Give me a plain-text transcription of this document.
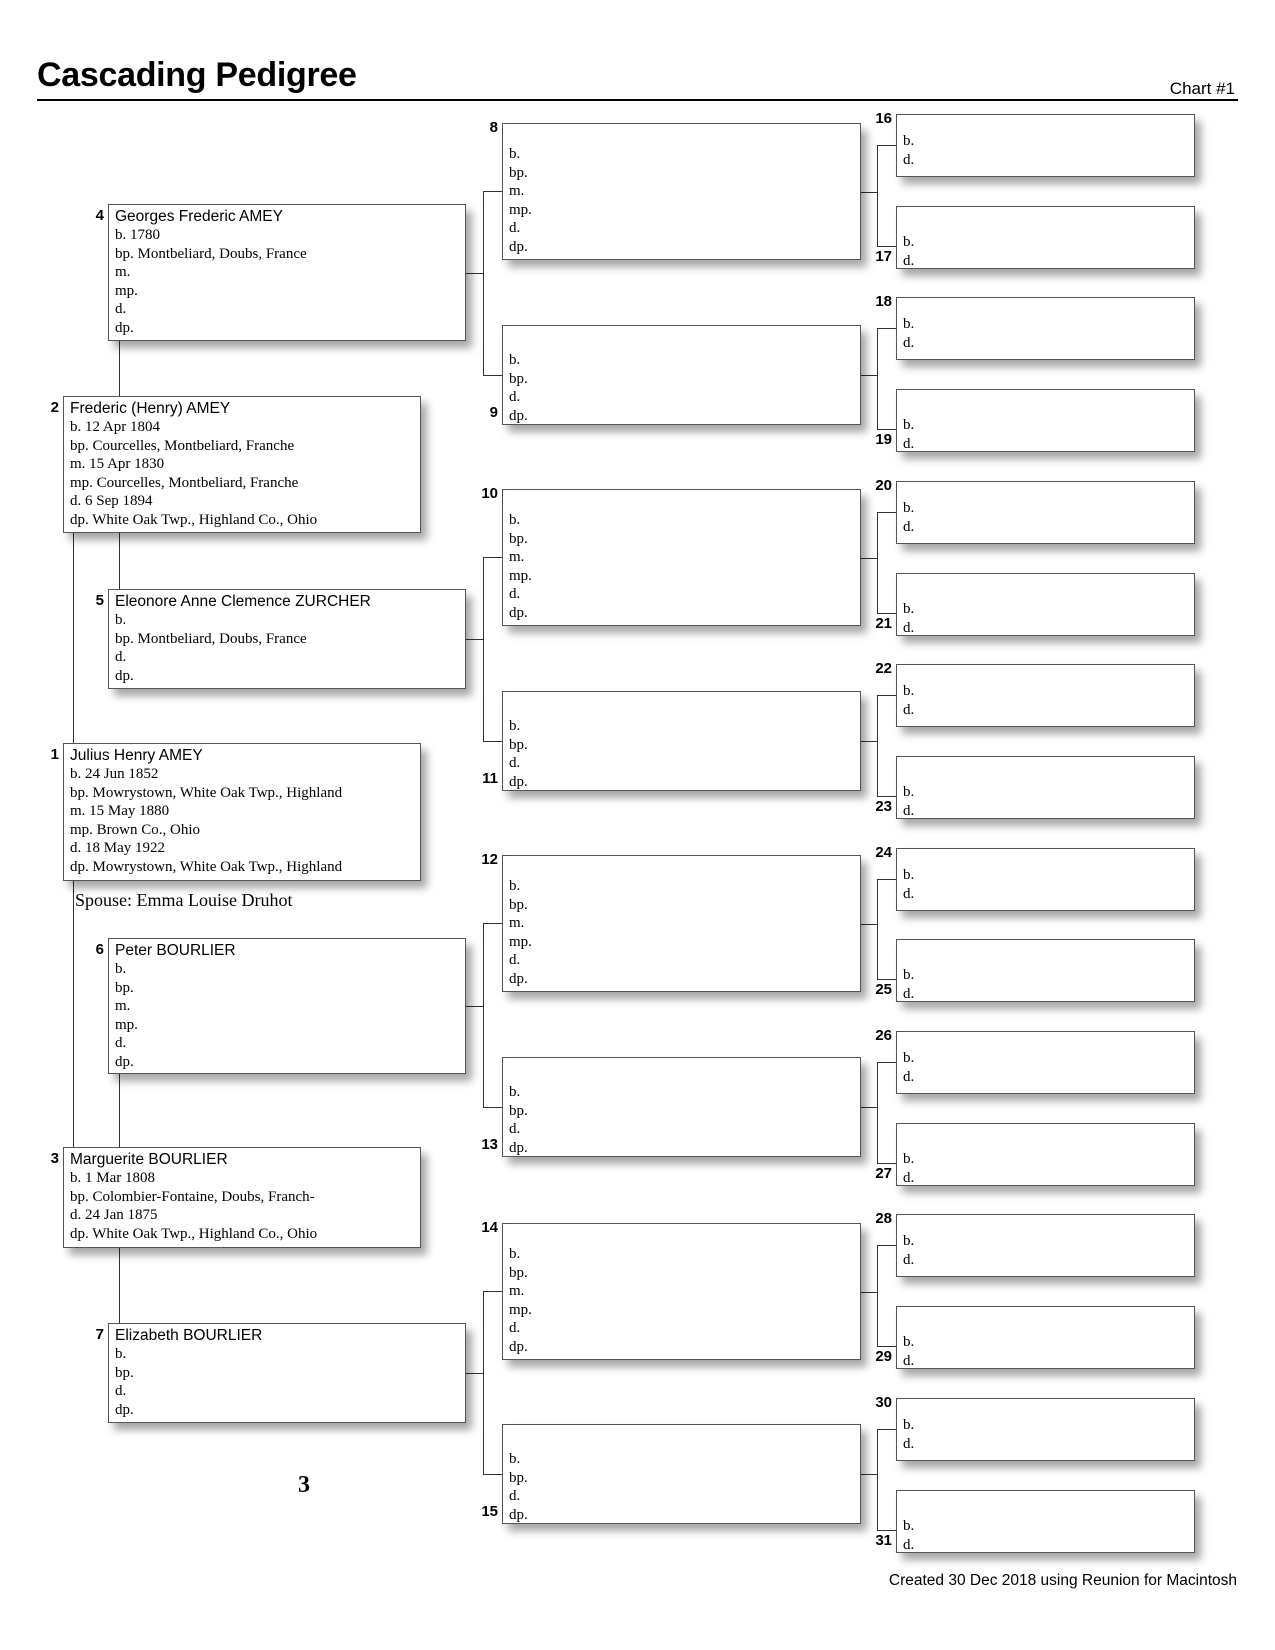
Cascading Pedigree	Chart #1
Julius Henry AMEY
b. 24 Jun 1852
bp. Mowrystown, White Oak Twp., Highland
m. 15 May 1880
mp. Brown Co., Ohio
d. 18 May 1922
dp. Mowrystown, White Oak Twp., Highland
1
Frederic (Henry) AMEY
b. 12 Apr 1804
bp. Courcelles, Montbeliard, Franche
m. 15 Apr 1830
mp. Courcelles, Montbeliard, Franche
d. 6 Sep 1894
dp. White Oak Twp., Highland Co., Ohio
2
Marguerite BOURLIER
b. 1 Mar 1808
bp. Colombier-Fontaine, Doubs, Franch-
d. 24 Jan 1875
dp. White Oak Twp., Highland Co., Ohio
3
Georges Frederic AMEY
b. 1780
bp. Montbeliard, Doubs, France
m.
mp.
d.
dp.
4
Eleonore Anne Clemence ZURCHER
b.
bp. Montbeliard, Doubs, France
d.
dp.
5
Peter BOURLIER
b.
bp.
m.
mp.
d.
dp.
6
Elizabeth BOURLIER
b.
bp.
d.
dp.
7

b.
bp.
m.
mp.
d.
dp.
8

b.
bp.
d.
dp.
9

b.
bp.
m.
mp.
d.
dp.
10

b.
bp.
d.
dp.
11

b.
bp.
m.
mp.
d.
dp.
12

b.
bp.
d.
dp.
13

b.
bp.
m.
mp.
d.
dp.
14

b.
bp.
d.
dp.
15

b.
d.
16

b.
d.
17

b.
d.
18

b.
d.
19

b.
d.
20

b.
d.
21

b.
d.
22

b.
d.
23

b.
d.
24

b.
d.
25

b.
d.
26

b.
d.
27

b.
d.
28

b.
d.
29

b.
d.
30

b.
d.
31
Spouse: Emma Louise Druhot
3
Created 30 Dec 2018 using Reunion for Macintosh
